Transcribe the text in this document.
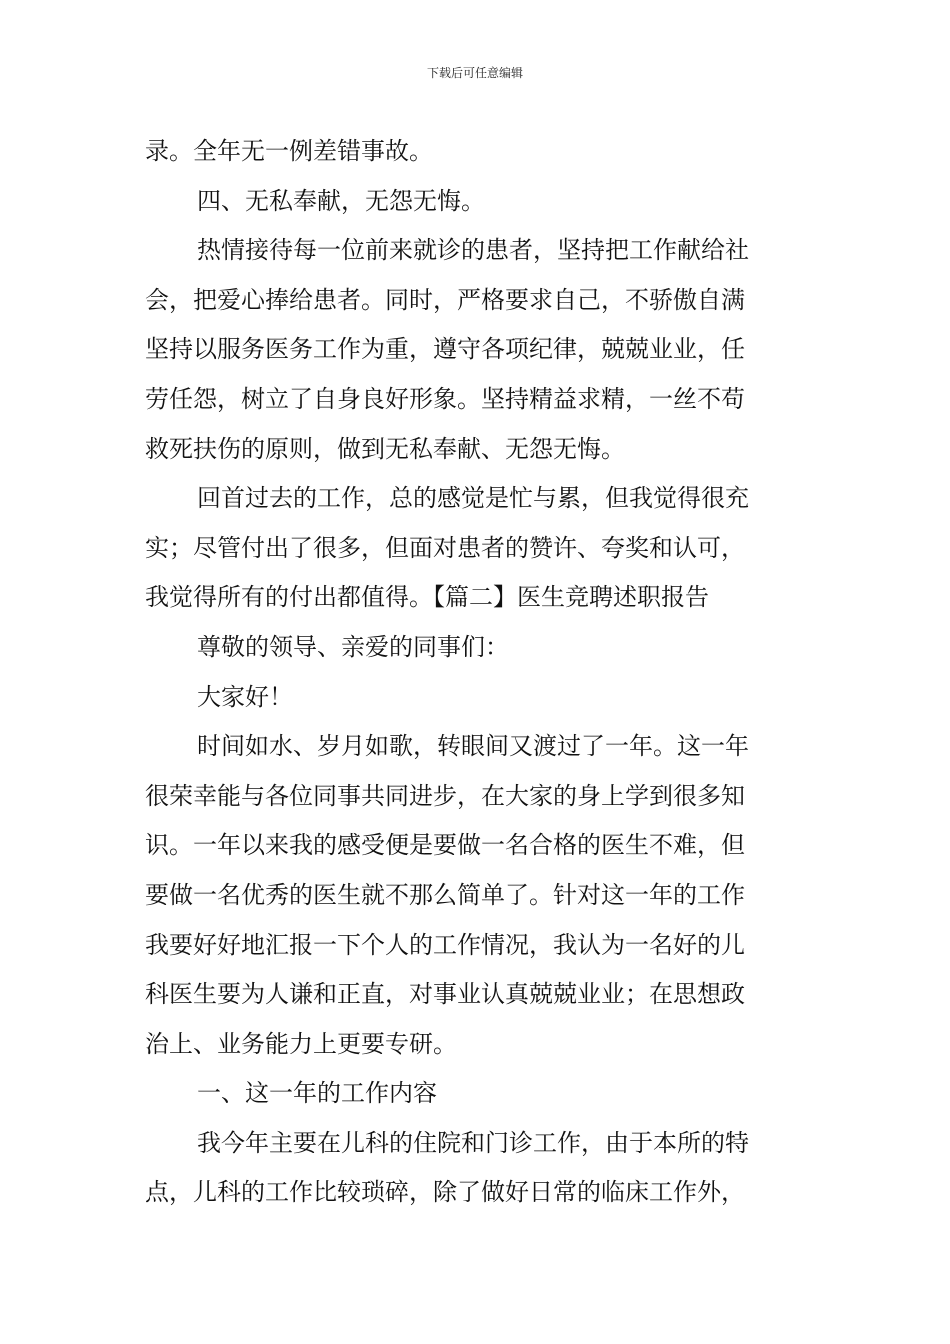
下载后可任意编辑
录。全年无一例差错事故。
四、无私奉献，无怨无悔。
热情接待每一位前来就诊的患者，坚持把工作献给社
会，把爱心捧给患者。同时，严格要求自己，不骄傲自满
坚持以服务医务工作为重，遵守各项纪律，兢兢业业，任
劳任怨，树立了自身良好形象。坚持精益求精，一丝不苟
救死扶伤的原则，做到无私奉献、无怨无悔。
回首过去的工作，总的感觉是忙与累，但我觉得很充
实；尽管付出了很多，但面对患者的赞许、夸奖和认可，
我觉得所有的付出都值得。【篇二】医生竞聘述职报告
尊敬的领导、亲爱的同事们：
大家好！
时间如水、岁月如歌，转眼间又渡过了一年。这一年
很荣幸能与各位同事共同进步，在大家的身上学到很多知
识。一年以来我的感受便是要做一名合格的医生不难，但
要做一名优秀的医生就不那么简单了。针对这一年的工作
我要好好地汇报一下个人的工作情况，我认为一名好的儿
科医生要为人谦和正直，对事业认真兢兢业业；在思想政
治上、业务能力上更要专研。
一、这一年的工作内容
我今年主要在儿科的住院和门诊工作，由于本所的特
点，儿科的工作比较琐碎，除了做好日常的临床工作外，
